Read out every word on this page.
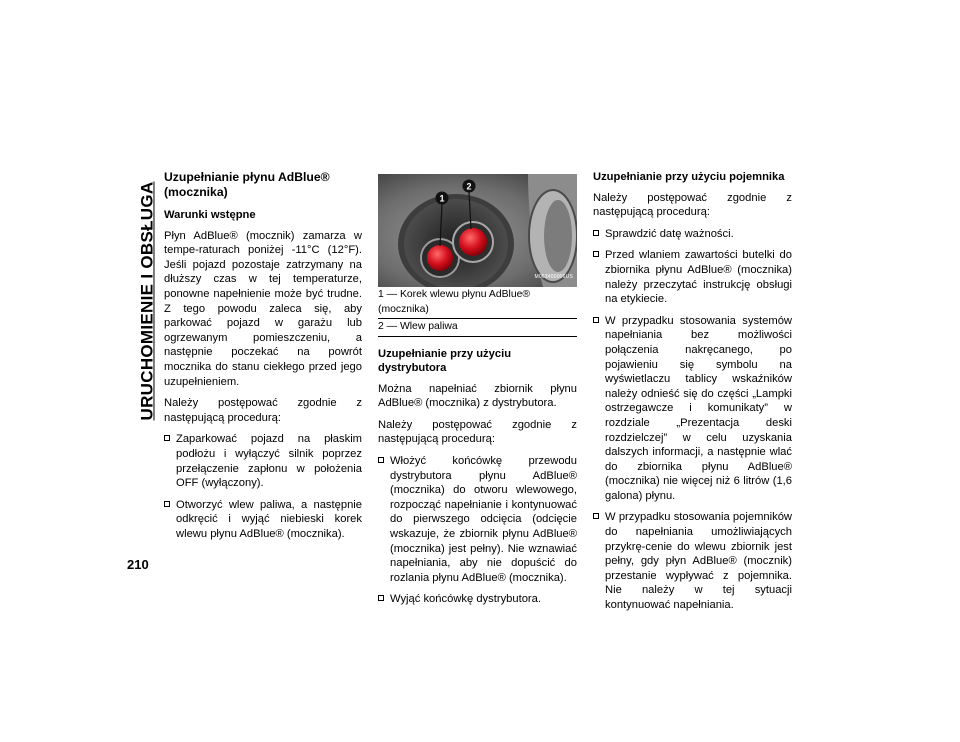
URUCHOMIENIE I OBSŁUGA
210
Uzupełnianie płynu AdBlue® (mocznika)
Warunki wstępne
Płyn AdBlue® (mocznik) zamarza w tempe-raturach poniżej -11°C (12°F). Jeśli pojazd pozostaje zatrzymany na dłuższy czas w tej temperaturze, ponowne napełnienie może być trudne. Z tego powodu zaleca się, aby parkować pojazd w garażu lub ogrzewanym pomieszczeniu, a następnie poczekać na powrót mocznika do stanu ciekłego przed jego uzupełnieniem.
Należy postępować zgodnie z następującą procedurą:
Zaparkować pojazd na płaskim podłożu i wyłączyć silnik poprzez przełączenie zapłonu w położenia OFF (wyłączony).
Otworzyć wlew paliwa, a następnie odkręcić i wyjąć niebieski korek wlewu płynu AdBlue® (mocznika).
1
2
M063400006US
1 — Korek wlewu płynu AdBlue® (mocznika)
2 — Wlew paliwa
Uzupełnianie przy użyciu dystrybutora
Można napełniać zbiornik płynu AdBlue® (mocznika) z dystrybutora.
Należy postępować zgodnie z następującą procedurą:
Włożyć końcówkę przewodu dystrybutora płynu AdBlue® (mocznika) do otworu wlewowego, rozpocząć napełnianie i kontynuować do pierwszego odcięcia (odcięcie wskazuje, że zbiornik płynu AdBlue® (mocznika) jest pełny). Nie wznawiać napełniania, aby nie dopuścić do rozlania płynu AdBlue® (mocznika).
Wyjąć końcówkę dystrybutora.
Uzupełnianie przy użyciu pojemnika
Należy postępować zgodnie z następującą procedurą:
Sprawdzić datę ważności.
Przed wlaniem zawartości butelki do zbiornika płynu AdBlue® (mocznika) należy przeczytać instrukcję obsługi na etykiecie.
W przypadku stosowania systemów napełniania bez możliwości połączenia nakręcanego, po pojawieniu się symbolu na wyświetlaczu tablicy wskaźników należy odnieść się do części „Lampki ostrzegawcze i komunikaty” w rozdziale „Prezentacja deski rozdzielczej” w celu uzyskania dalszych informacji, a następnie wlać do zbiornika płynu AdBlue® (mocznika) nie więcej niż 6 litrów (1,6 galona) płynu.
W przypadku stosowania pojemników do napełniania umożliwiających przykrę-cenie do wlewu zbiornik jest pełny, gdy płyn AdBlue® (mocznik) przestanie wypływać z pojemnika. Nie należy w tej sytuacji kontynuować napełniania.
